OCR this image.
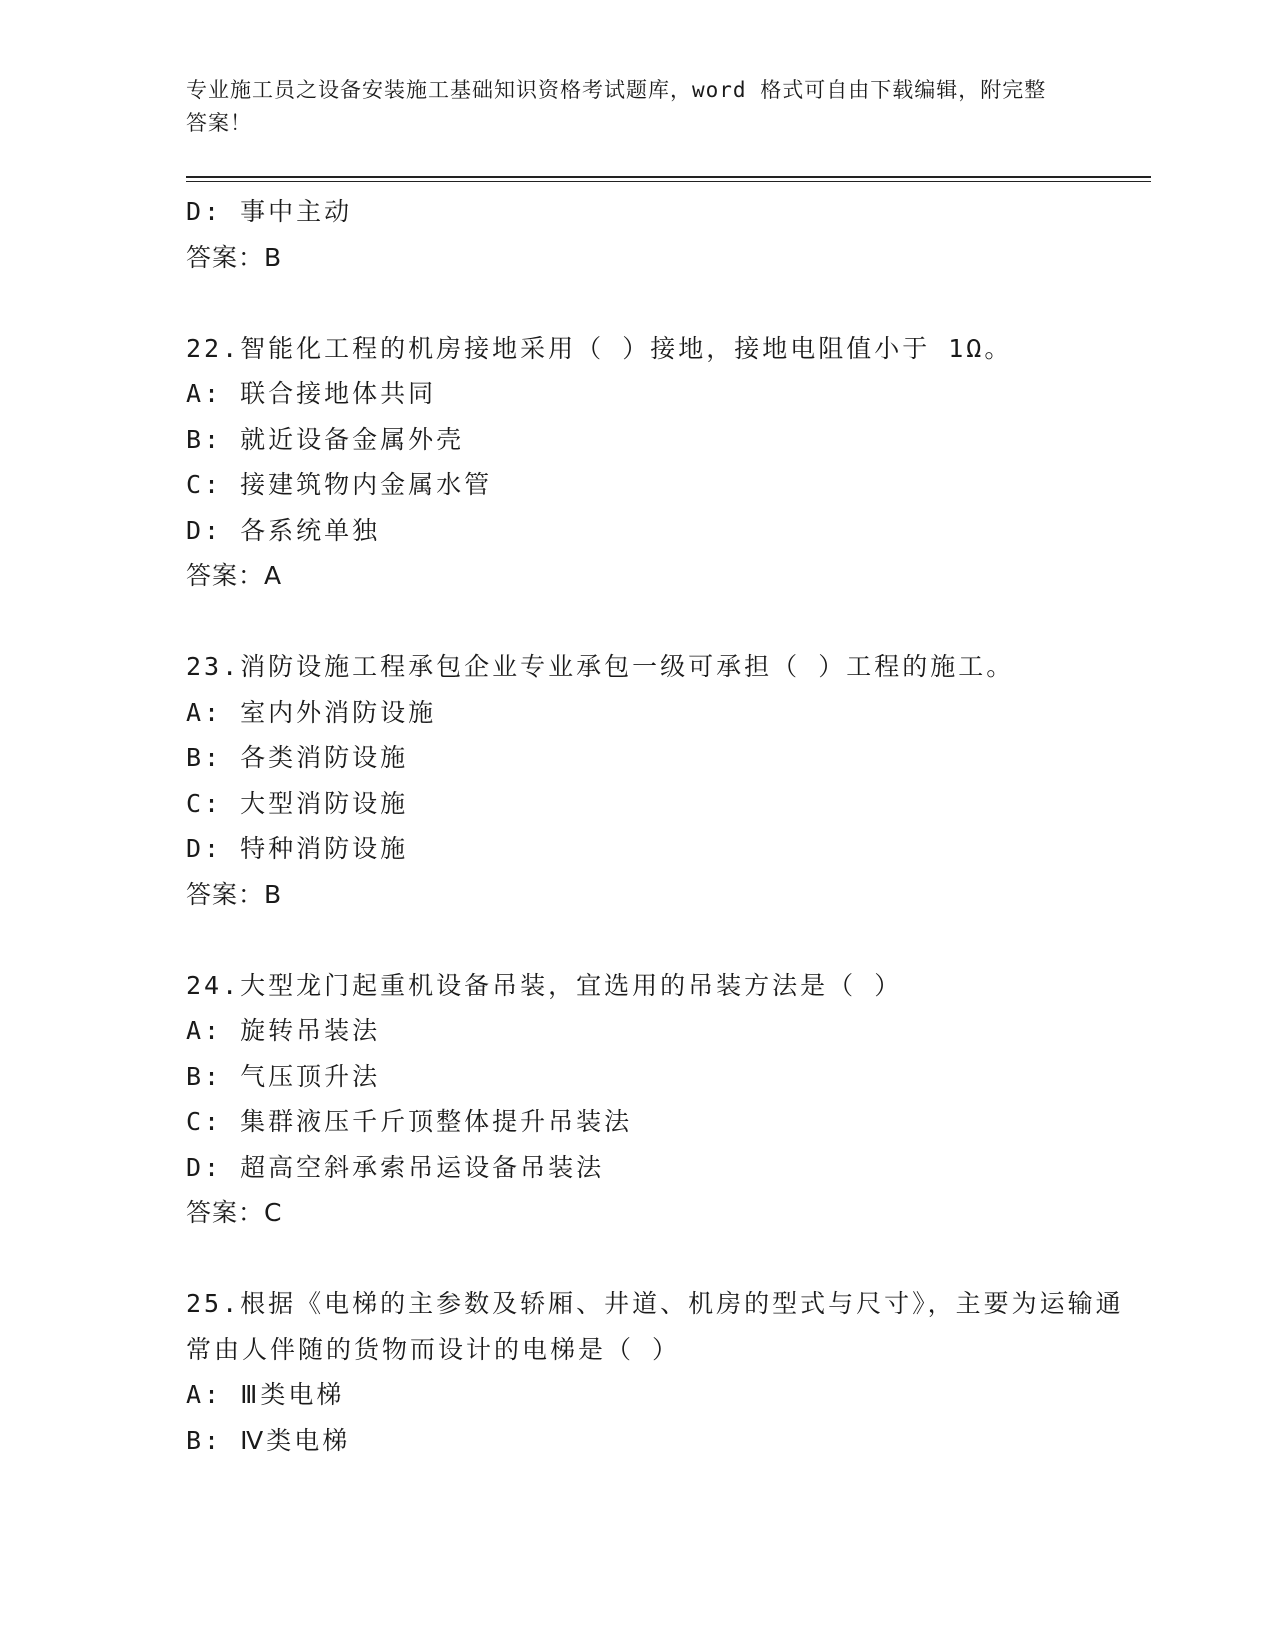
专业施工员之设备安装施工基础知识资格考试题库，word 格式可自由下载编辑，附完整答案！
D: 事中主动
答案：B
22.智能化工程的机房接地采用（ ）接地，接地电阻值小于 1Ω。
A: 联合接地体共同
B: 就近设备金属外壳
C: 接建筑物内金属水管
D: 各系统单独
答案：A
23.消防设施工程承包企业专业承包一级可承担（ ）工程的施工。
A: 室内外消防设施
B: 各类消防设施
C: 大型消防设施
D: 特种消防设施
答案：B
24.大型龙门起重机设备吊装，宜选用的吊装方法是（ ）
A: 旋转吊装法
B: 气压顶升法
C: 集群液压千斤顶整体提升吊装法
D: 超高空斜承索吊运设备吊装法
答案：C
25.根据《电梯的主参数及轿厢、井道、机房的型式与尺寸》，主要为运输通常由人伴随的货物而设计的电梯是（ ）
A: Ⅲ类电梯
B: Ⅳ类电梯
